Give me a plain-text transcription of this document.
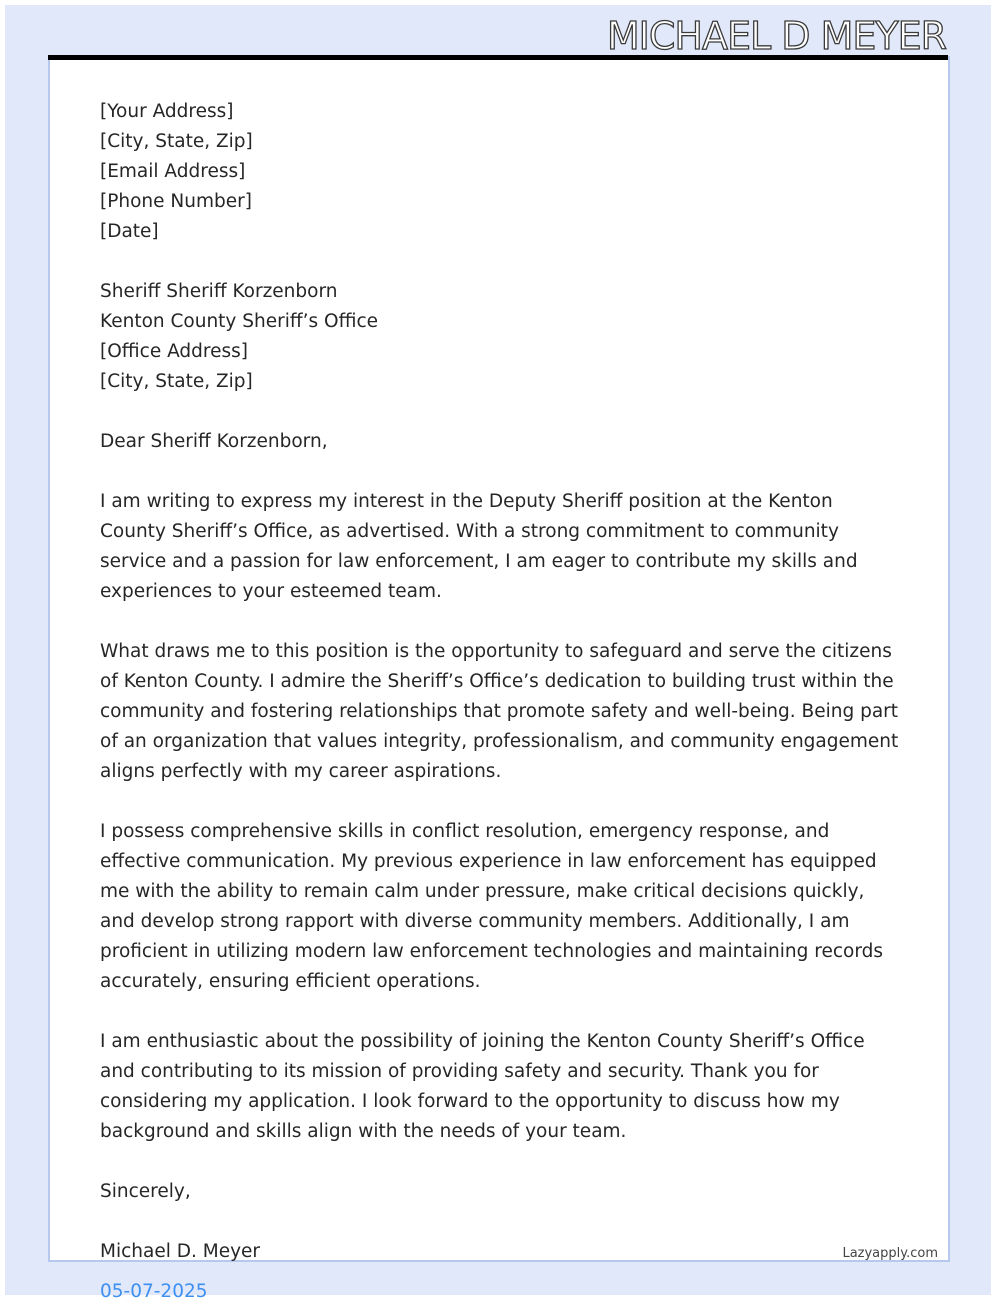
MICHAEL D MEYER

[Your Address]
[City, State, Zip]
[Email Address]
[Phone Number]
[Date]

Sheriff Sheriff Korzenborn
Kenton County Sheriff’s Office
[Office Address]
[City, State, Zip]

Dear Sheriff Korzenborn,

I am writing to express my interest in the Deputy Sheriff position at the Kenton County Sheriff’s Office, as advertised. With a strong commitment to community service and a passion for law enforcement, I am eager to contribute my skills and experiences to your esteemed team.

What draws me to this position is the opportunity to safeguard and serve the citizens of Kenton County. I admire the Sheriff’s Office’s dedication to building trust within the community and fostering relationships that promote safety and well-being. Being part of an organization that values integrity, professionalism, and community engagement aligns perfectly with my career aspirations.

I possess comprehensive skills in conflict resolution, emergency response, and effective communication. My previous experience in law enforcement has equipped me with the ability to remain calm under pressure, make critical decisions quickly, and develop strong rapport with diverse community members. Additionally, I am proficient in utilizing modern law enforcement technologies and maintaining records accurately, ensuring efficient operations.

I am enthusiastic about the possibility of joining the Kenton County Sheriff’s Office and contributing to its mission of providing safety and security. Thank you for considering my application. I look forward to the opportunity to discuss how my background and skills align with the needs of your team.

Sincerely,

Michael D. Meyer	Lazyapply.com
05-07-2025
